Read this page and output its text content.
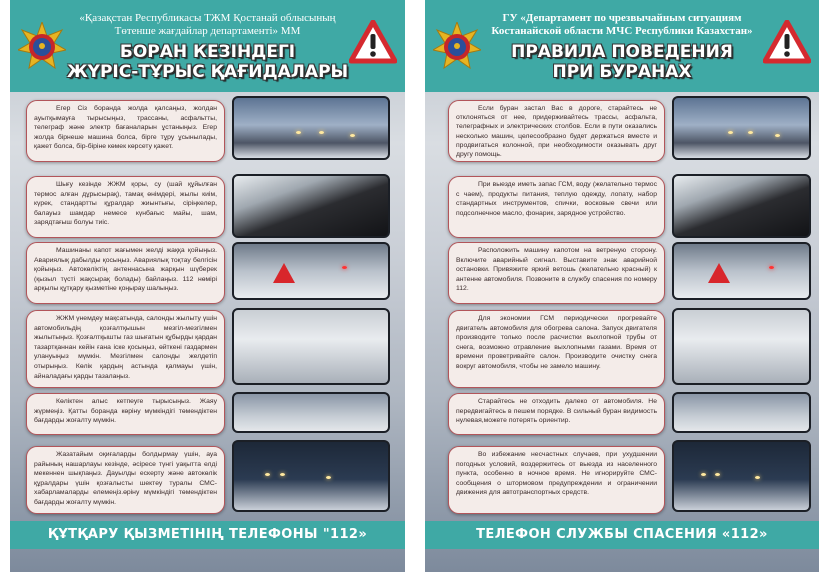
«Қазақстан Республикасы ТЖМ Қостанай облысының Төтенше жағдайлар департаменті» ММ
БОРАН КЕЗІНДЕГІ
ЖҮРІС-ТҰРЫС ҚАҒИДАЛАРЫ
Егер Сіз боранда жолда қалсаңыз, жолдан ауытқымауға тырысыңыз, трассаны, асфальтты, телеграф және электр бағаналарын ұстаныңыз. Егер жолда бірнеше машина болса, бірге тұру ұсынылады, қажет болса, бір-біріне көмек көрсету қажет.
Шығу кезінде ЖЖМ қоры, су (шай құйылған термос алған дұрысырақ), тамақ өнімдері, жылы киім, күрек, стандартты құралдар жиынтығы, сіріңкелер, балауыз шамдар немесе күнбағыс майы, шам, зарядтағыш болуы тиіс.
Машинаны капот жағымен желді жаққа қойыңыз. Авариялық дабылды қосыңыз. Авариялық тоқтау белгісін қойыңыз. Автокөліктің антеннасына жарқын шүберек (қызыл түсті жақсырақ болады) байлаңыз. 112 нөмірі арқылы құтқару қызметіне қоңырау шалыңыз.
ЖЖМ үнемдеу мақсатында, салонды жылыту үшін автомобильдің қозғалтқышын мезгіл-мезгілмен жылытыңыз. Қозғалтқышты газ шығатын құбырды қардан тазартқаннан кейін ғана іске қосыңыз, өйткені газдармен улануыңыз мүмкін. Мезгілмен салонды желдетіп отырыңыз. Көлік қардың астында қалмауы үшін, айналадағы қарды тазалаңыз.
Көліктен алыс кетпеуге тырысыңыз. Жаяу жүрмеңіз. Қатты боранда көріну мүмкіндігі төмендіктен бағдарды жоғалту мүмкін.
Жазатайым оқиғаларды болдырмау үшін, ауа райының нашарлауы кезінде, әсіресе түнгі уақытта елді мекеннен шықпаңыз. Дауылды ескерту және автокөлік құралдары үшін қозғалысты шектеу туралы СМС-хабарламаларды елемеңіз.өріну мүмкіндігі төмендіктен бағдарды жоғалту мүмкін.
ҚҰТҚАРУ ҚЫЗМЕТІНІҢ ТЕЛЕФОНЫ "112»
ГУ «Департамент по чрезвычайным ситуациям Костанайской области МЧС Республики Казахстан»
ПРАВИЛА ПОВЕДЕНИЯ
ПРИ БУРАНАХ
Если буран застал Вас в дороге, старайтесь не отклоняться от нее, придерживайтесь трассы, асфальта, телеграфных и электрических столбов. Если в пути оказались несколько машин, целесообразно будет держаться вместе и продвигаться колонной, при необходимости оказывать друг другу помощь.
При выезде иметь запас ГСМ, воду (желательно термос с чаем), продукты питания, теплую одежду, лопату, набор стандартных инструментов, спички, восковые свечи или подсолнечное масло, фонарик, зарядное устройство.
Расположить машину капотом на ветреную сторону. Включите аварийный сигнал. Выставите знак аварийной остановки. Привяжите яркий ветошь (желательно красный) к антенне автомобиля. Позвоните в службу спасения по номеру 112.
Для экономии ГСМ периодически прогревайте двигатель автомобиля для обогрева салона. Запуск двигателя производите только после расчистки выхлопной трубы от снега, возможно отравление выхлопными газами. Время от времени проветривайте салон. Производите очистку снега вокруг автомобиля, чтобы не замело машину.
Старайтесь не отходить далеко от автомобиля. Не передвигайтесь в пешем порядке. В сильный буран видимость нулевая,можете потерять ориентир.
Во избежание несчастных случаев, при ухудшении погодных условий, воздержитесь от выезда из населенного пункта, особенно в ночное время. Не игнорируйте СМС-сообщения о штормовом предупреждении и ограничении движения для автотранспортных средств.
ТЕЛЕФОН СЛУЖБЫ СПАСЕНИЯ «112»
